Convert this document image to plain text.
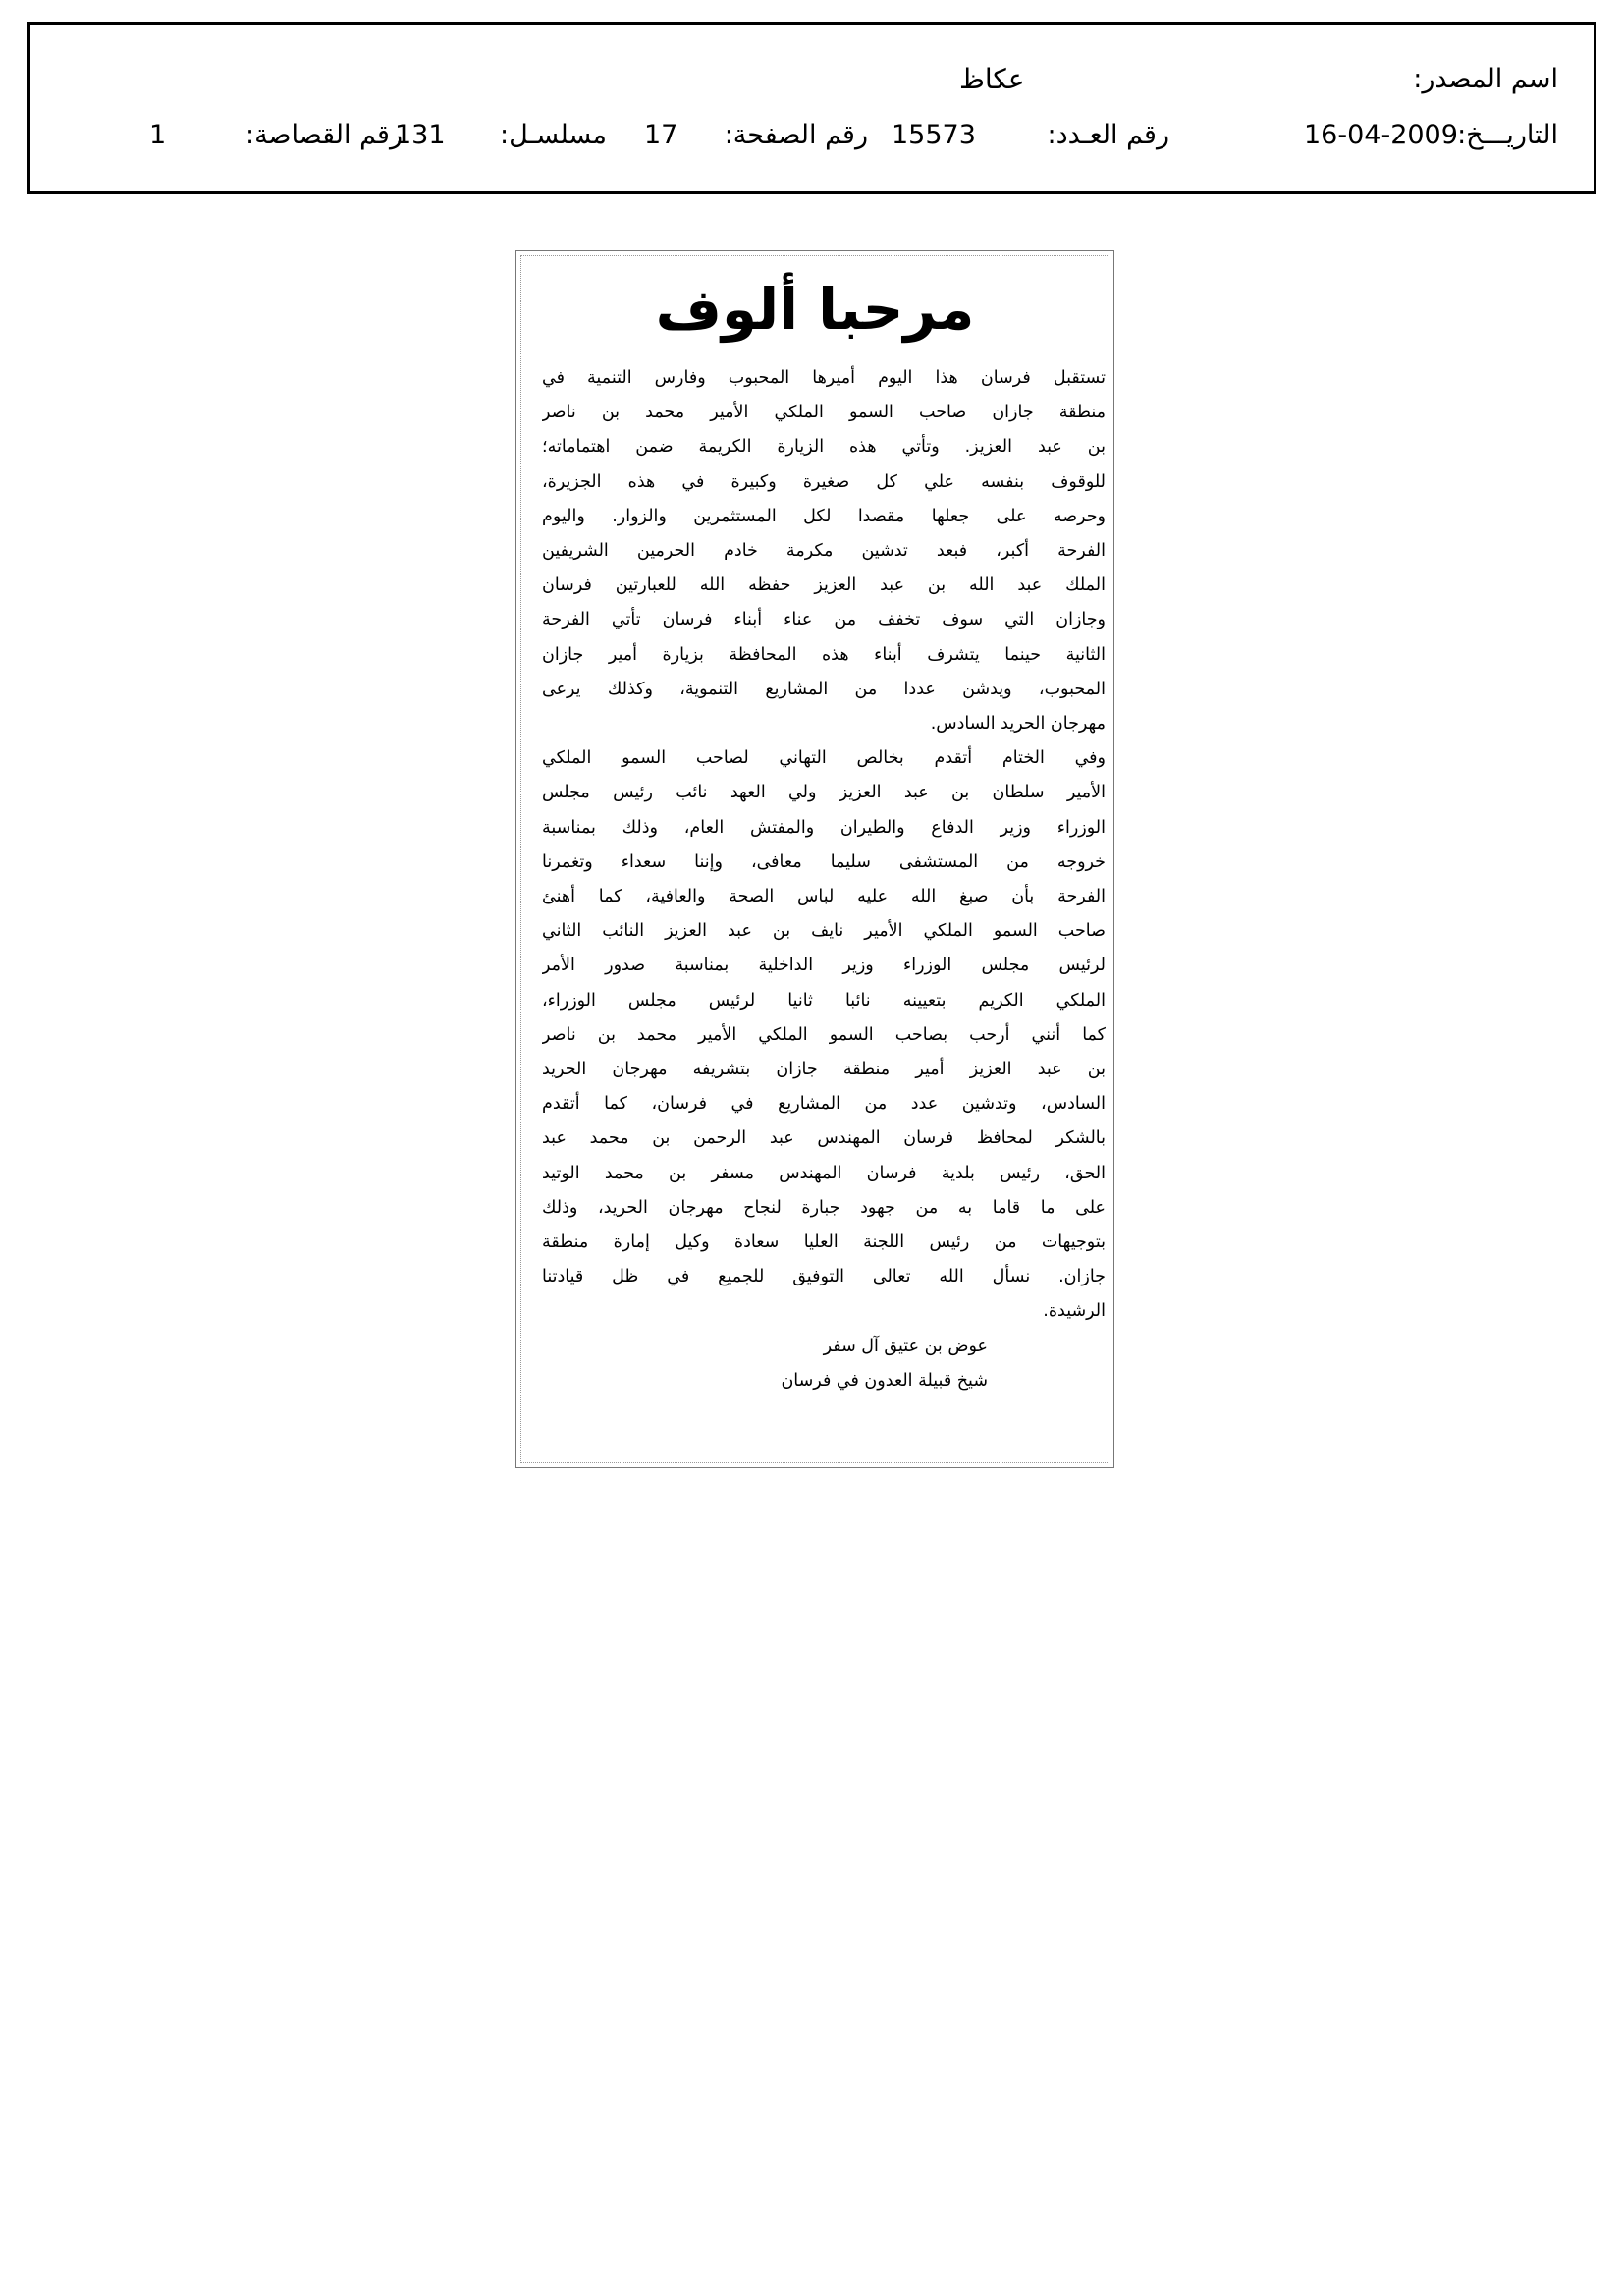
اسم المصدر:
عكاظ
التاريـــخ:
16-04-2009
رقم العـدد:
15573
رقم الصفحة:
17
مسلسـل:
131
رقم القصاصة:
1
مرحبا ألوف
تستقبل فرسان هذا اليوم أميرها المحبوب وفارس التنمية في
منطقة جازان صاحب السمو الملكي الأمير محمد بن ناصر
بن عبد العزيز. وتأتي هذه الزيارة الكريمة ضمن اهتماماته؛
للوقوف بنفسه علي كل صغيرة وكبيرة في هذه الجزيرة،
وحرصه على جعلها مقصدا لكل المستثمرين والزوار. واليوم
الفرحة أكبر، فبعد تدشين مكرمة خادم الحرمين الشريفين
الملك عبد الله بن عبد العزيز حفظه الله للعبارتين فرسان
وجازان التي سوف تخفف من عناء أبناء فرسان تأتي الفرحة
الثانية حينما يتشرف أبناء هذه المحافظة بزيارة أمير جازان
المحبوب، ويدشن عددا من المشاريع التنموية، وكذلك يرعى
مهرجان الحريد السادس.
وفي الختام أتقدم بخالص التهاني لصاحب السمو الملكي
الأمير سلطان بن عبد العزيز ولي العهد نائب رئيس مجلس
الوزراء وزير الدفاع والطيران والمفتش العام، وذلك بمناسبة
خروجه من المستشفى سليما معافى، وإننا سعداء وتغمرنا
الفرحة بأن صبغ الله عليه لباس الصحة والعافية، كما أهنئ
صاحب السمو الملكي الأمير نايف بن عبد العزيز النائب الثاني
لرئيس مجلس الوزراء وزير الداخلية بمناسبة صدور الأمر
الملكي الكريم بتعيينه نائبا ثانيا لرئيس مجلس الوزراء،
كما أنني أرحب بصاحب السمو الملكي الأمير محمد بن ناصر
بن عبد العزيز أمير منطقة جازان بتشريفه مهرجان الحريد
السادس، وتدشين عدد من المشاريع في فرسان، كما أتقدم
بالشكر لمحافظ فرسان المهندس عبد الرحمن بن محمد عبد
الحق، رئيس بلدية فرسان المهندس مسفر بن محمد الوتيد
على ما قاما به من جهود جبارة لنجاح مهرجان الحريد، وذلك
بتوجيهات من رئيس اللجنة العليا سعادة وكيل إمارة منطقة
جازان. نسأل الله تعالى التوفيق للجميع في ظل قيادتنا
الرشيدة.
عوض بن عتيق آل سفر
شيخ قبيلة العدون في فرسان
